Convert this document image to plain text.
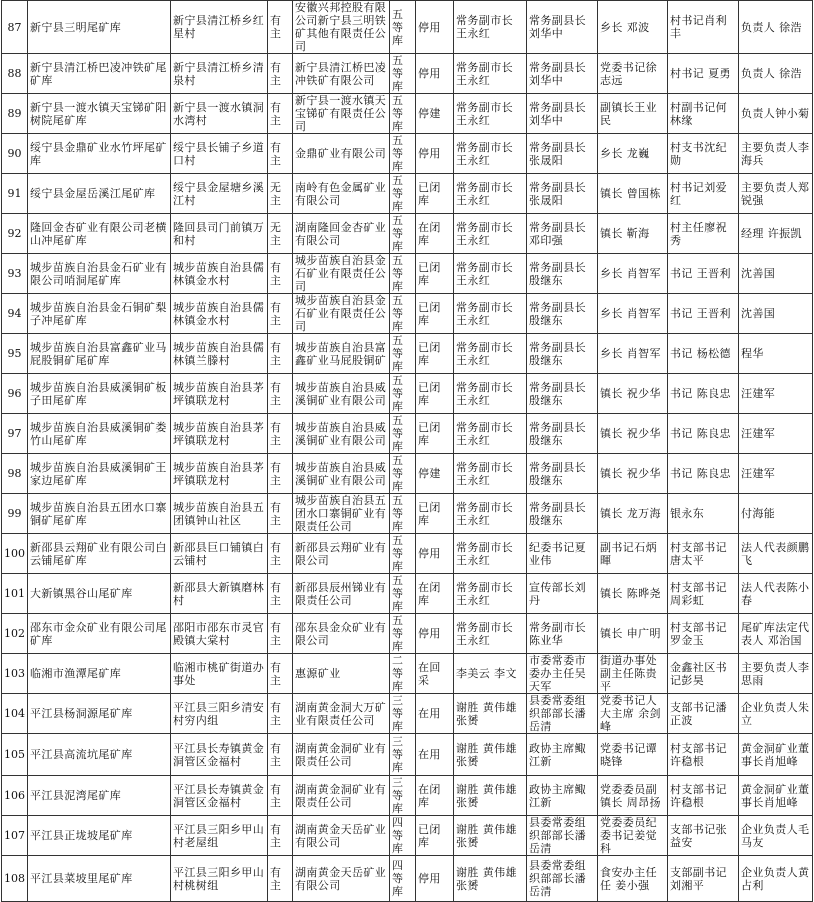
87	新宁县三明尾矿库	新宁县清江桥乡红星村	有主	安徽兴邦控股有限公司新宁县三明铁矿其他有限责任公司	五等库	停用	常务副市长王永红	常务副县长刘华中	乡长 邓波	村书记肖利丰	负责人 徐浩
88	新宁县清江桥巴凌冲铁矿尾矿库	新宁县清江桥乡清泉村	有主	新宁县清江桥巴凌冲铁矿有限公司	五等库	停用	常务副市长王永红	常务副县长刘华中	党委书记徐志远	村书记 夏勇	负责人 徐浩
89	新宁县一渡水镇天宝锑矿阳树院尾矿库	新宁县一渡水镇洞水湾村	有主	新宁县一渡水镇天宝锑矿有限责任公司	五等库	停建	常务副市长王永红	常务副县长刘华中	副镇长王业民	村副书记何林缘	负责人钟小菊
90	绥宁县金鼎矿业水竹坪尾矿库	绥宁县长铺子乡道口村	有主	金鼎矿业有限公司	五等库	停用	常务副市长王永红	常务副县长张晟阳	乡长 龙巍	村支书沈纪勋	主要负责人李海兵
91	绥宁县金屋岳溪江尾矿库	绥宁县金屋塘乡溪江村	无主	南岭有色金属矿业有限公司	五等库	已闭库	常务副市长王永红	常务副县长张晟阳	镇长 曾国栋	村书记刘爱红	主要负责人郑锐强
92	隆回金杏矿业有限公司老横山冲尾矿库	隆回县司门前镇万和村	无主	湖南隆回金杏矿业有限公司	五等库	在闭库	常务副市长王永红	常务副县长邓印强	镇长 靳海	村主任廖祝秀	经理 许振凯
93	城步苗族自治县金石矿业有限公司哨洞尾矿库	城步苗族自治县儒林镇金水村	有主	城步苗族自治县金石矿业有限责任公司	五等库	已闭库	常务副市长王永红	常务副县长殷继东	乡长 肖智军	书记 王晋利	沈善国
94	城步苗族自治县金石铜矿梨子冲尾矿库	城步苗族自治县儒林镇金水村	有主	城步苗族自治县金石矿业有限责任公司	五等库	已闭库	常务副市长王永红	常务副县长殷继东	乡长 肖智军	书记 王晋利	沈善国
95	城步苗族自治县富鑫矿业马屁股铜矿尾矿库	城步苗族自治县儒林镇兰滕村	有主	城步苗族自治县富鑫矿业马屁股铜矿	五等库	已闭库	常务副市长王永红	常务副县长殷继东	乡长 肖智军	书记 杨松德	程华
96	城步苗族自治县威溪铜矿板子田尾矿库	城步苗族自治县茅坪镇联龙村	有主	城步苗族自治县威溪铜矿业有限公司	五等库	已闭库	常务副市长王永红	常务副县长殷继东	镇长 祝少华	书记 陈良忠	汪建军
97	城步苗族自治县威溪铜矿娄竹山尾矿库	城步苗族自治县茅坪镇联龙村	有主	城步苗族自治县威溪铜矿业有限公司	五等库	已闭库	常务副市长王永红	常务副县长殷继东	镇长 祝少华	书记 陈良忠	汪建军
98	城步苗族自治县威溪铜矿王家边尾矿库	城步苗族自治县茅坪镇联龙村	有主	城步苗族自治县威溪铜矿业有限公司	五等库	停建	常务副市长王永红	常务副县长殷继东	镇长 祝少华	书记 陈良忠	汪建军
99	城步苗族自治县五团水口寨铜矿尾矿库	城步苗族自治县五团镇钟山社区	有主	城步苗族自治县五团水口寨铜矿业有限责任公司	五等库	已闭库	常务副市长王永红	常务副县长殷继东	镇长 龙万海	银永东	付海能
100	新邵县云翔矿业有限公司白云铺尾矿库	新邵县巨口铺镇白云铺村	有主	新邵县云翔矿业有限公司	五等库	停用	常务副市长王永红	纪委书记夏业伟	副书记石炳暉	村支部书记唐太平	法人代表颜鹏飞
101	大新镇黑谷山尾矿库	新邵县大新镇磨林村	有主	新邵县辰州锑业有限责任公司	五等库	在闭库	常务副市长王永红	宣传部长刘丹	镇长 陈晔尧	村支部书记周彩虹	法人代表陈小春
102	邵东市金众矿业有限公司尾矿库	邵阳市邵东市灵官殿镇大棠村	有主	邵东县金众矿业有限公司	五等库	停用	常务副市长王永红	常务副市长陈业华	镇长 申广明	村支部书记罗金玉	尾矿库法定代表人 邓治国
103	临湘市渔潭尾矿库	临湘市桃矿街道办事处	有主	惠源矿业	二等库	在回采	李美云 李文	市委常委市委办主任吴天军	街道办事处副主任陈贵平	金鑫社区书记彭昊	主要负责人李思雨
104	平江县杨洞源尾矿库	平江县三阳乡清安村穷内组	有主	湖南黄金洞大万矿业有限责任公司	三等库	在用	谢胜 黄伟雄张赟	县委常委组织部部长潘岳清	党委书记人大主席 余剑峰	支部书记潘正波	企业负责人朱立
105	平江县高流坑尾矿库	平江县长寿镇黄金洞管区金福村	有主	湖南黄金洞矿业有限责任公司	三等库	在用	谢胜 黄伟雄张赟	政协主席鲰江新	党委书记谭晓锋	村支部书记许稳根	黄金洞矿业董事长肖旭峰
106	平江县泥湾尾矿库	平江县长寿镇黄金洞管区金福村	有主	湖南黄金洞矿业有限责任公司	三等库	在闭库	谢胜 黄伟雄张赟	政协主席鲰江新	党委委员副镇长 周昂扬	村支部书记许稳根	黄金洞矿业董事长肖旭峰
107	平江县正垅坡尾矿库	平江县三阳乡甲山村老屋组	有主	湖南黄金天岳矿业有限公司	四等库	已闭库	谢胜 黄伟雄张赟	县委常委组织部部长潘岳清	党委委员纪委书记姜觉科	支部书记张益安	企业负责人毛马友
108	平江县菜坡里尾矿库	平江县三阳乡甲山村桃树组	有主	湖南黄金天岳矿业有限公司	四等库	停用	谢胜 黄伟雄张赟	县委常委组织部部长潘岳清	食安办主任任 姜小强	支部副书记刘湘平	企业负责人黄占利
